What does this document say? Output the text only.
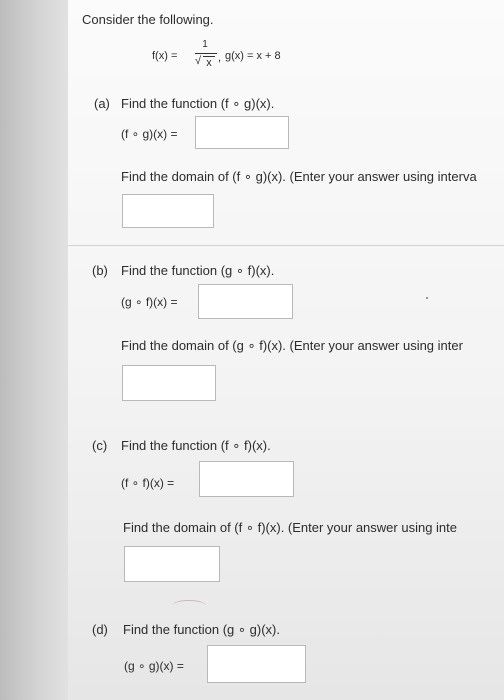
Consider the following.
f(x) =
1
√ x , g(x) = x + 8
(a) Find the function (f ∘ g)(x).
(f ∘ g)(x) =
Find the domain of (f ∘ g)(x). (Enter your answer using interva
(b) Find the function (g ∘ f)(x).
(g ∘ f)(x) =
Find the domain of (g ∘ f)(x). (Enter your answer using inter
(c) Find the function (f ∘ f)(x).
(f ∘ f)(x) =
Find the domain of (f ∘ f)(x). (Enter your answer using inte
(d) Find the function (g ∘ g)(x).
(g ∘ g)(x) =
